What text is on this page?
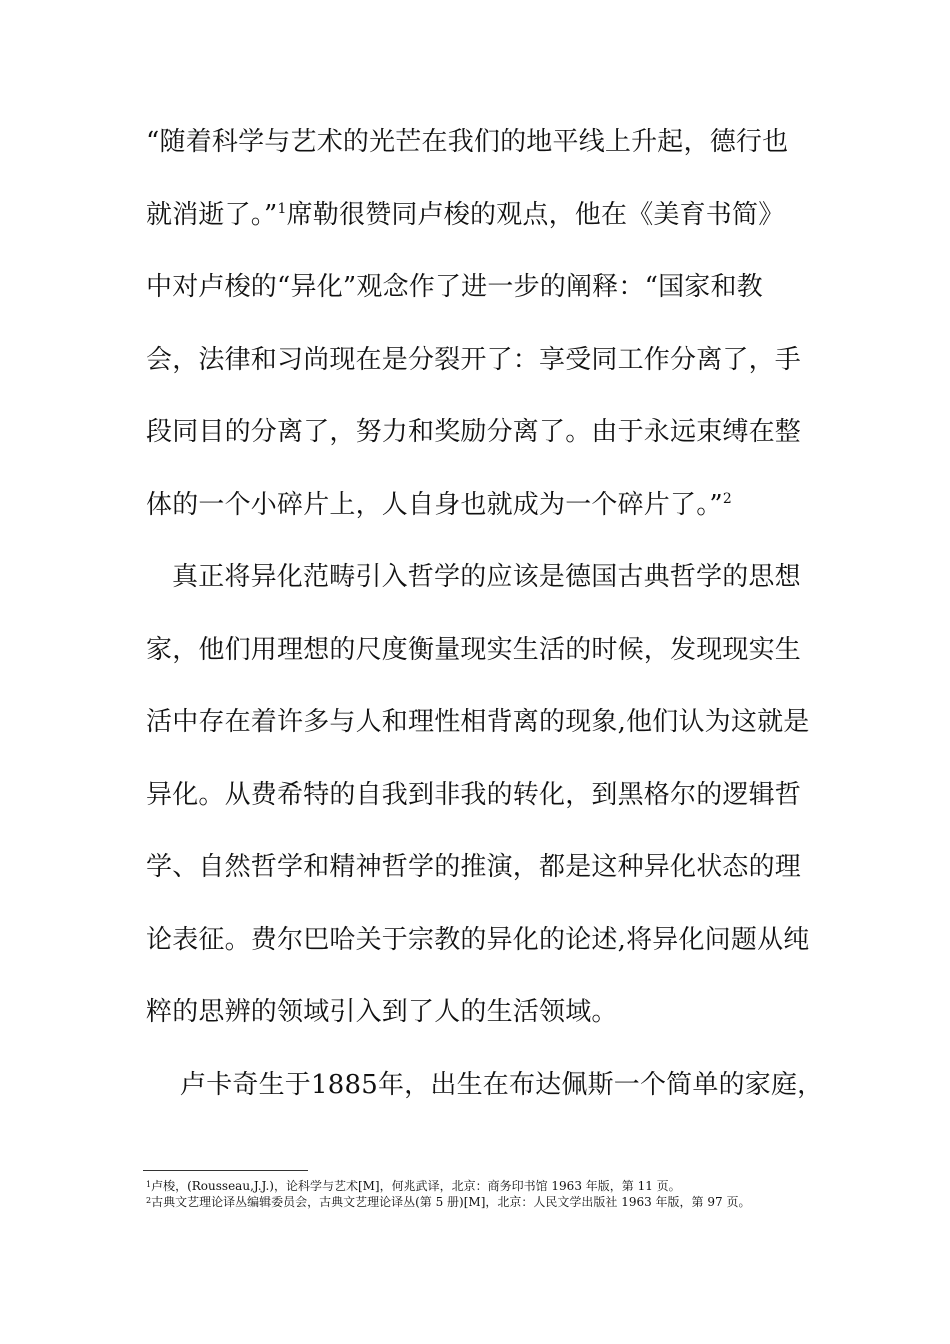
“随着科学与艺术的光芒在我们的地平线上升起，德行也
就消逝了。”$^1$席勒很赞同卢梭的观点，他在《美育书简》
中对卢梭的“异化”观念作了进一步的阐释：“国家和教
会，法律和习尚现在是分裂开了：享受同工作分离了，手
段同目的分离了，努力和奖励分离了。由于永远束缚在整
体的一个小碎片上，人自身也就成为一个碎片了。”$^2$
真正将异化范畴引入哲学的应该是德国古典哲学的思想
家，他们用理想的尺度衡量现实生活的时候，发现现实生
活中存在着许多与人和理性相背离的现象,他们认为这就是
异化。从费希特的自我到非我的转化，到黑格尔的逻辑哲
学、自然哲学和精神哲学的推演，都是这种异化状态的理
论表征。费尔巴哈关于宗教的异化的论述,将异化问题从纯
粹的思辨的领域引入到了人的生活领域。
卢卡奇生于1885年，出生在布达佩斯一个简单的家庭，
$^1$卢梭，(Rousseau,J.J.)，论科学与艺术[M]，何兆武译，北京：商务印书馆 1963 年版，第 11 页。
$^2$古典文艺理论译丛编辑委员会，古典文艺理论译丛(第 5 册)[M]，北京：人民文学出版社 1963 年版，第 97 页。
